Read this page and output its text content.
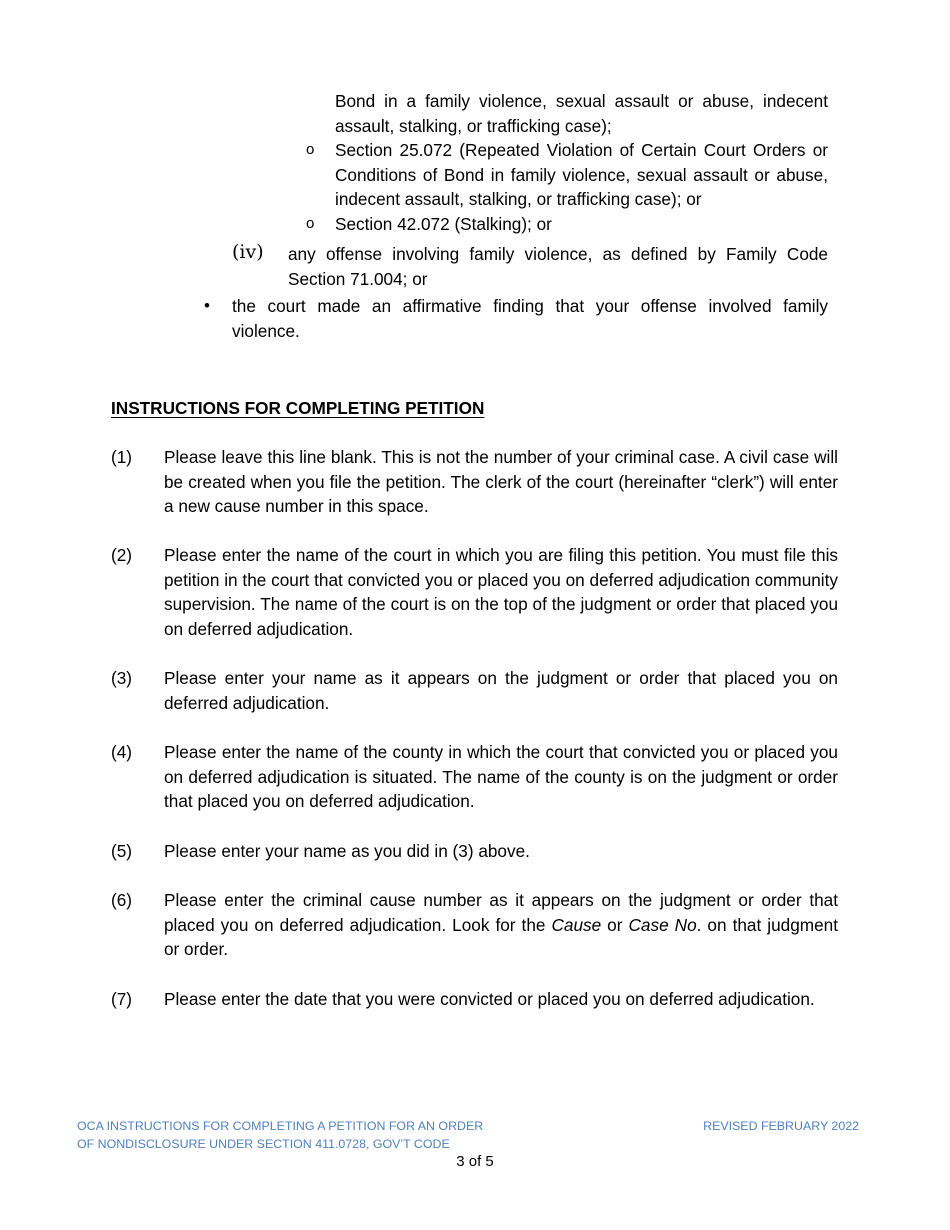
Bond in a family violence, sexual assault or abuse, indecent assault, stalking, or trafficking case);
o	Section 25.072 (Repeated Violation of Certain Court Orders or Conditions of Bond in family violence, sexual assault or abuse, indecent assault, stalking, or trafficking case); or
o	Section 42.072 (Stalking); or
(iv) any offense involving family violence, as defined by Family Code Section 71.004; or
• the court made an affirmative finding that your offense involved family violence.
INSTRUCTIONS FOR COMPLETING PETITION
(1) Please leave this line blank. This is not the number of your criminal case. A civil case will be created when you file the petition. The clerk of the court (hereinafter “clerk”) will enter a new cause number in this space.
(2) Please enter the name of the court in which you are filing this petition. You must file this petition in the court that convicted you or placed you on deferred adjudication community supervision. The name of the court is on the top of the judgment or order that placed you on deferred adjudication.
(3) Please enter your name as it appears on the judgment or order that placed you on deferred adjudication.
(4) Please enter the name of the county in which the court that convicted you or placed you on deferred adjudication is situated. The name of the county is on the judgment or order that placed you on deferred adjudication.
(5) Please enter your name as you did in (3) above.
(6) Please enter the criminal cause number as it appears on the judgment or order that placed you on deferred adjudication. Look for the Cause or Case No. on that judgment or order.
(7) Please enter the date that you were convicted or placed you on deferred adjudication.
OCA INSTRUCTIONS FOR COMPLETING A PETITION FOR AN ORDER
OF NONDISCLOSURE UNDER SECTION 411.0728, GOV’T CODE
REVISED FEBRUARY 2022
3 of 5
